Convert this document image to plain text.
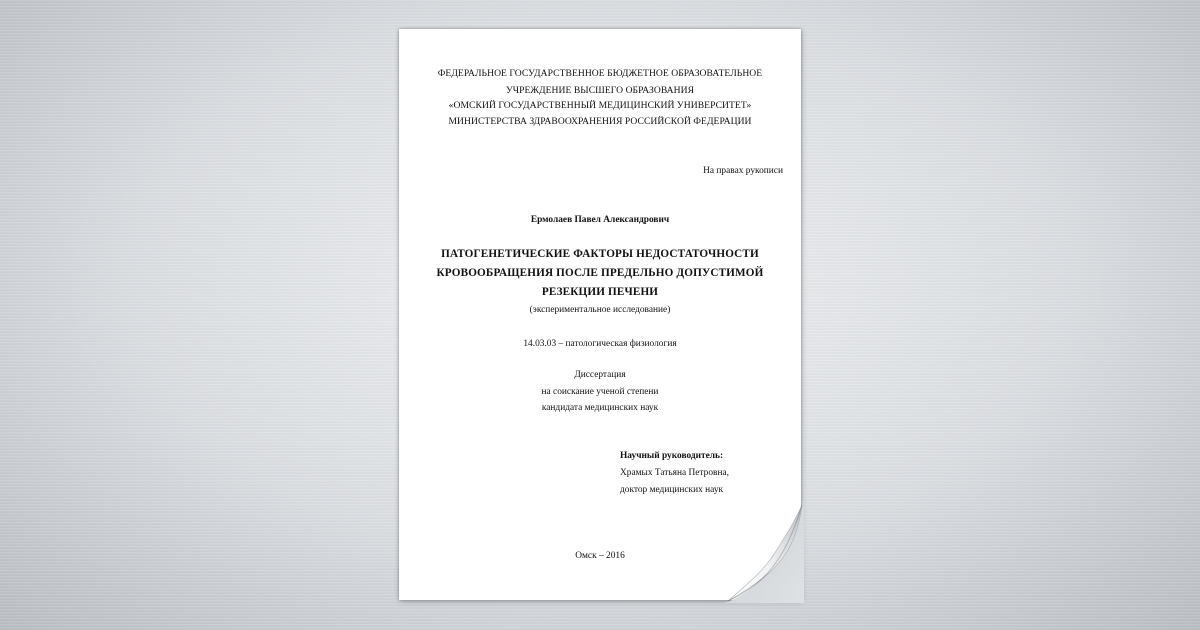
ФЕДЕРАЛЬНОЕ ГОСУДАРСТВЕННОЕ БЮДЖЕТНОЕ ОБРАЗОВАТЕЛЬНОЕ
УЧРЕЖДЕНИЕ ВЫСШЕГО ОБРАЗОВАНИЯ
«ОМСКИЙ ГОСУДАРСТВЕННЫЙ МЕДИЦИНСКИЙ УНИВЕРСИТЕТ»
МИНИСТЕРСТВА ЗДРАВООХРАНЕНИЯ РОССИЙСКОЙ ФЕДЕРАЦИИ
На правах рукописи
Ермолаев Павел Александрович
ПАТОГЕНЕТИЧЕСКИЕ ФАКТОРЫ НЕДОСТАТОЧНОСТИ
КРОВООБРАЩЕНИЯ ПОСЛЕ ПРЕДЕЛЬНО ДОПУСТИМОЙ
РЕЗЕКЦИИ ПЕЧЕНИ
(экспериментальное исследование)
14.03.03 – патологическая физиология
Диссертация
на соискание ученой степени
кандидата медицинских наук
Научный руководитель:
Храмых Татьяна Петровна,
доктор медицинских наук
Омск – 2016
